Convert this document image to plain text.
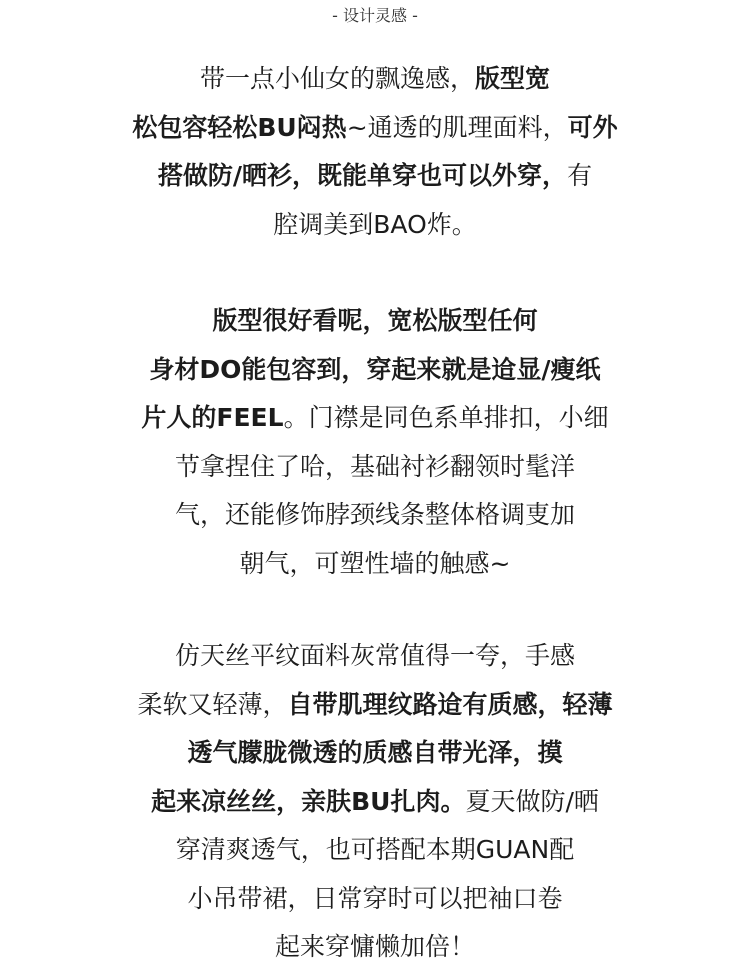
- 设计灵感 -
带一点小仙女的飘逸感，版型宽
松包容轻松BU闷热~通透的肌理面料，可外
搭做防/晒衫，既能单穿也可以外穿，有
腔调美到BAO炸。
版型很好看呢，宽松版型任何
身材DO能包容到，穿起来就是䢔显/瘦纸
片人的FEEL。门襟是同色系单排扣，小细
节拿捏住了哈，基础衬衫翻领时髦洋
气，还能修饰脖颈线条整体格调叓加
朝气，可塑性墙的触感~
仿天丝平纹面料灰常值得一夸，手感
柔软又轻薄，自带肌理纹路䢔有质感，轻薄
透气朦胧微透的质感自带光泽，摸
起来凉丝丝，亲肤BU扎肉。夏天做防/晒
穿清爽透气，也可搭配本期GUAN配
小吊带裙，日常穿时可以把袖口卷
起来穿慵懒加倍！
